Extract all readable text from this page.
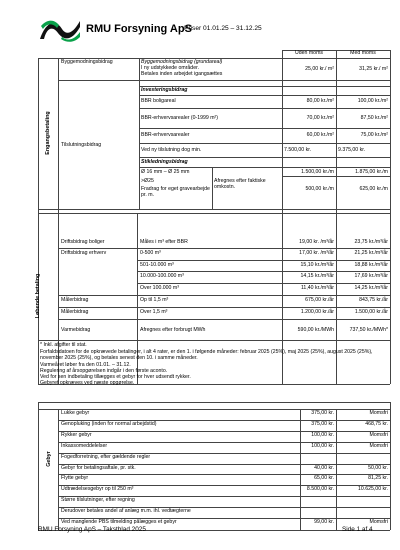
RMU Forsyning ApS
Priser 01.01.25 – 31.12.25
Uden moms	Med moms
Engangsbetaling
Byggemodningsbidrag	Byggemodningsbidrag (grundareal)
I ny udstykkede områder.
Betales inden arbejdet igangsættes
25,00 kr./ m²	31,25 kr./ m²
Tilslutningsbidrag
Investeringsbidrag
BBR boligareal	80,00 kr./m²	100,00 kr./m²
BBR-erhvervsarealer (0-1999 m²)	70,00 kr./m²	87,50 kr./m²
BBR-erhvervsarealer	60,00 kr./m²	75,00 kr./m²
Ved ny tilslutning dog min.	7.500,00 kr.	9.375,00 kr.
Stikledningsbidrag
Ø 16 mm – Ø 25 mm	1.500,00 kr./m	1.875,00 kr./m
>Ø25	Afregnes efter faktiske omkostn.
Fradrag for eget gravearbejde pr. m.
500,00 kr./m	625,00 kr./m
Løbende betaling
Driftsbidrag boliger	Måles i m³ efter BBR	19,00 kr. /m³/år	23,75 kr./m³/år
Driftsbidrag erhverv	0-500 m³	17,00 kr. /m³/år	21,25 kr./m³/år
501-10.000 m³	15,10 kr./m³/år	18,88 kr./m³/år
10.000-100.000 m³	14,15 kr./m³/år	17,69 kr./m³/år
Over 100.000 m³	11,40 kr./m³/år	14,25 kr./m³/år
Målerbidrag	Op til 1,5 m³	675,00 kr./år	843,75 kr./år
Målerbidrag	Over 1,5 m³	1.200,00 kr./år	1.500,00 kr./år
Varmebidrag	Afregnes efter forbrugt MWh	590,00 kr./MWh	737,50 kr./MWh*
* Inkl. afgifter til stat.
Forfaldsdatoen for de opkrævede betalinger, i alt 4 rater, er den 1. i følgende måneder: februar 2025 (25%), maj 2025 (25%), august 2025 (25%), november 2025 (25%), og betales senest den 10. i samme måneder.
Varmeåret løber fra den 01.01. – 31.12.
Regulering af årsopgørelsen indgår i den første aconto.
Ved for sen indbetaling tillægges et gebyr for hver udsendt rykker.
Gebyret opkræves ved næste opgørelse.
Gebyr
Lukke gebyr	375,00 kr.	Momsfri
Genopluking (inden for normal arbejdstid)	375,00 kr.	468,75 kr.
Rykker gebyr	100,00 kr.	Momsfri
Inkassomeddelelser	100,00 kr.	Momsfri
Fogedforretning, efter gældende regler
Gebyr for betalingsaftale, pr. stk.	40,00 kr.	50,00 kr.
Flytte gebyr	65,00 kr.	81,25 kr.
Udtrædelsesgebyr op til 250 m³	8.500,00 kr.	10.625,00 kr.
Større tilslutninger, efter regning
Derudover betales andel af anlæg m.m. ihl. vedtægterne
Ved manglende PBS tilmelding pålægges et gebyr	99,00 kr.	Momsfri
RMU Forsyning ApS – Takstblad 2025	Side 1 af 4
